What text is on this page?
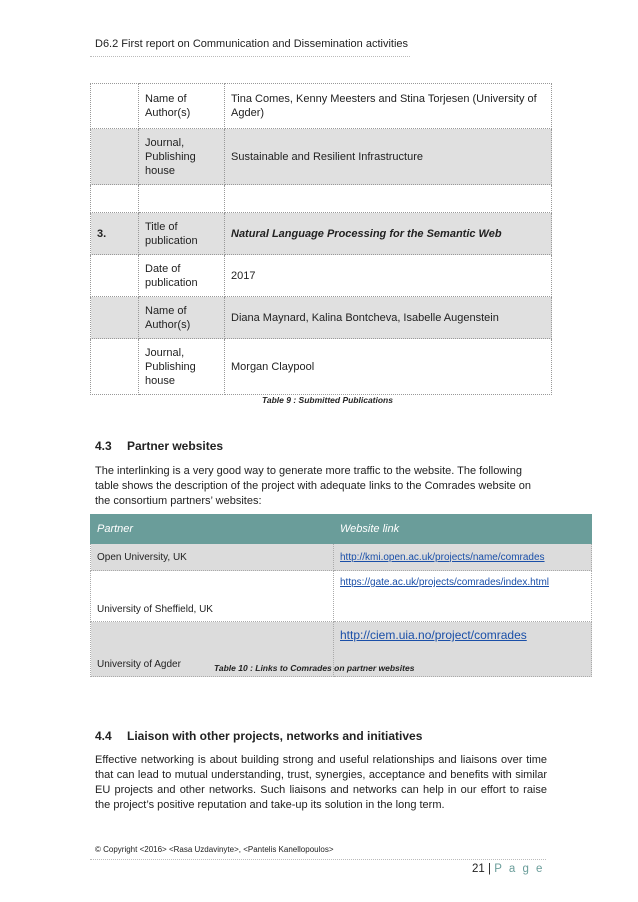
D6.2 First report on Communication and Dissemination activities
	Name of Author(s)	Tina Comes, Kenny Meesters and Stina Torjesen (University of Agder)
	Journal, Publishing house	Sustainable and Resilient Infrastructure

3.	Title of publication	Natural Language Processing for the Semantic Web
	Date of publication	2017
	Name of Author(s)	Diana Maynard, Kalina Bontcheva, Isabelle Augenstein
	Journal, Publishing house	Morgan Claypool
Table 9 : Submitted Publications
4.3 Partner websites
The interlinking is a very good way to generate more traffic to the website. The following table shows the description of the project with adequate links to the Comrades website on the consortium partners’ websites:
Partner	Website link
Open University, UK	http://kmi.open.ac.uk/projects/name/comrades
University of Sheffield, UK	https://gate.ac.uk/projects/comrades/index.html
University of Agder	http://ciem.uia.no/project/comrades
Table 10 : Links to Comrades on partner websites
4.4 Liaison with other projects, networks and initiatives
Effective networking is about building strong and useful relationships and liaisons over time that can lead to mutual understanding, trust, synergies, acceptance and benefits with similar EU projects and other networks. Such liaisons and networks can help in our effort to raise the project’s positive reputation and take-up its solution in the long term.
© Copyright <2016> <Rasa Uzdavinyte>, <Pantelis Kanellopoulos>
21 | P a g e
